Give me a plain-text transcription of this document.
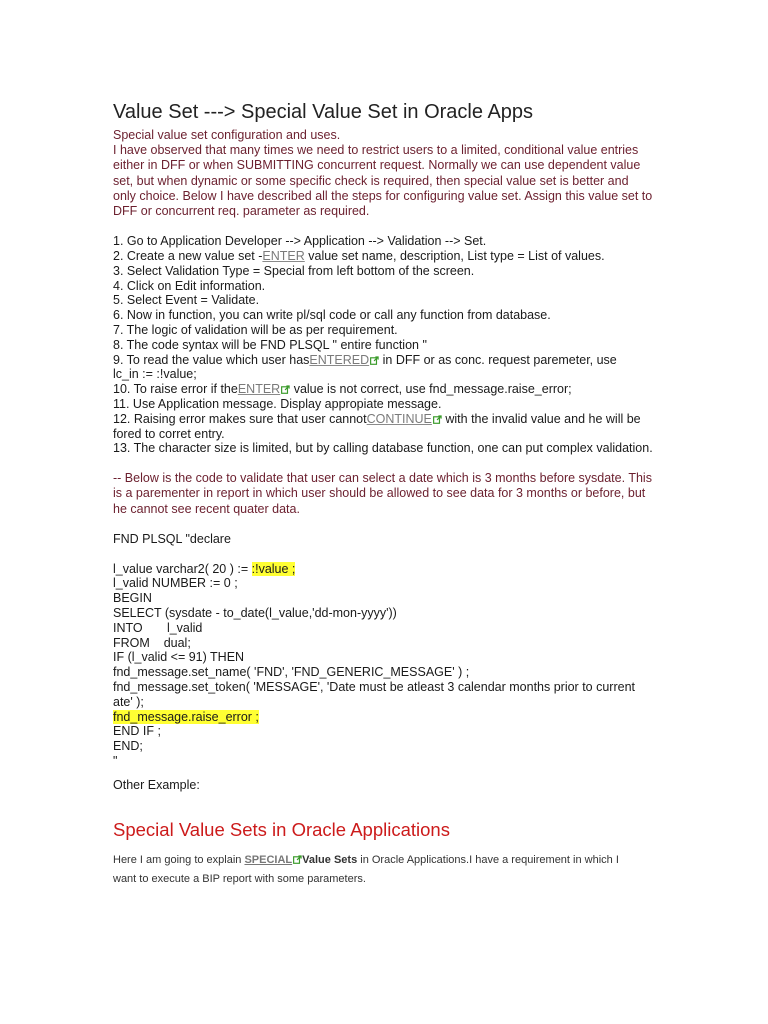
Value Set ---> Special Value Set in Oracle Apps
Special value set configuration and uses.
I have observed that many times we need to restrict users to a limited, conditional value entries
either in DFF or when SUBMITTING concurrent request. Normally we can use dependent value
set, but when dynamic or some specific check is required, then special value set is better and
only choice. Below I have described all the steps for configuring value set. Assign this value set to
DFF or concurrent req. parameter as required.
1. Go to Application Developer --> Application --> Validation --> Set.
2. Create a new value set -ENTER value set name, description, List type = List of values.
3. Select Validation Type = Special from left bottom of the screen.
4. Click on Edit information.
5. Select Event = Validate.
6. Now in function, you can write pl/sql code or call any function from database.
7. The logic of validation will be as per requirement.
8. The code syntax will be FND PLSQL " entire function "
9. To read the value which user hasENTERED in DFF or as conc. request paremeter, use
lc_in := :!value;
10. To raise error if theENTER value is not correct, use fnd_message.raise_error;
11. Use Application message. Display appropiate message.
12. Raising error makes sure that user cannotCONTINUE with the invalid value and he will be
fored to corret entry.
13. The character size is limited, but by calling database function, one can put complex validation.
-- Below is the code to validate that user can select a date which is 3 months before sysdate. This
is a parementer in report in which user should be allowed to see data for 3 months or before, but
he cannot see recent quater data.
FND PLSQL "declare
l_value varchar2( 20 ) := :!value ;
l_valid NUMBER := 0 ;
BEGIN
SELECT (sysdate - to_date(l_value,'dd-mon-yyyy'))
INTO       l_valid
FROM    dual;
IF (l_valid <= 91) THEN
fnd_message.set_name( 'FND', 'FND_GENERIC_MESSAGE' ) ;
fnd_message.set_token( 'MESSAGE', 'Date must be atleast 3 calendar months prior to current
ate' );
fnd_message.raise_error ;
END IF ;
END;
"
Other Example:
Special Value Sets in Oracle Applications
Here I am going to explain SPECIAL Value Sets in Oracle Applications.I have a requirement in which I
want to execute a BIP report with some parameters.
